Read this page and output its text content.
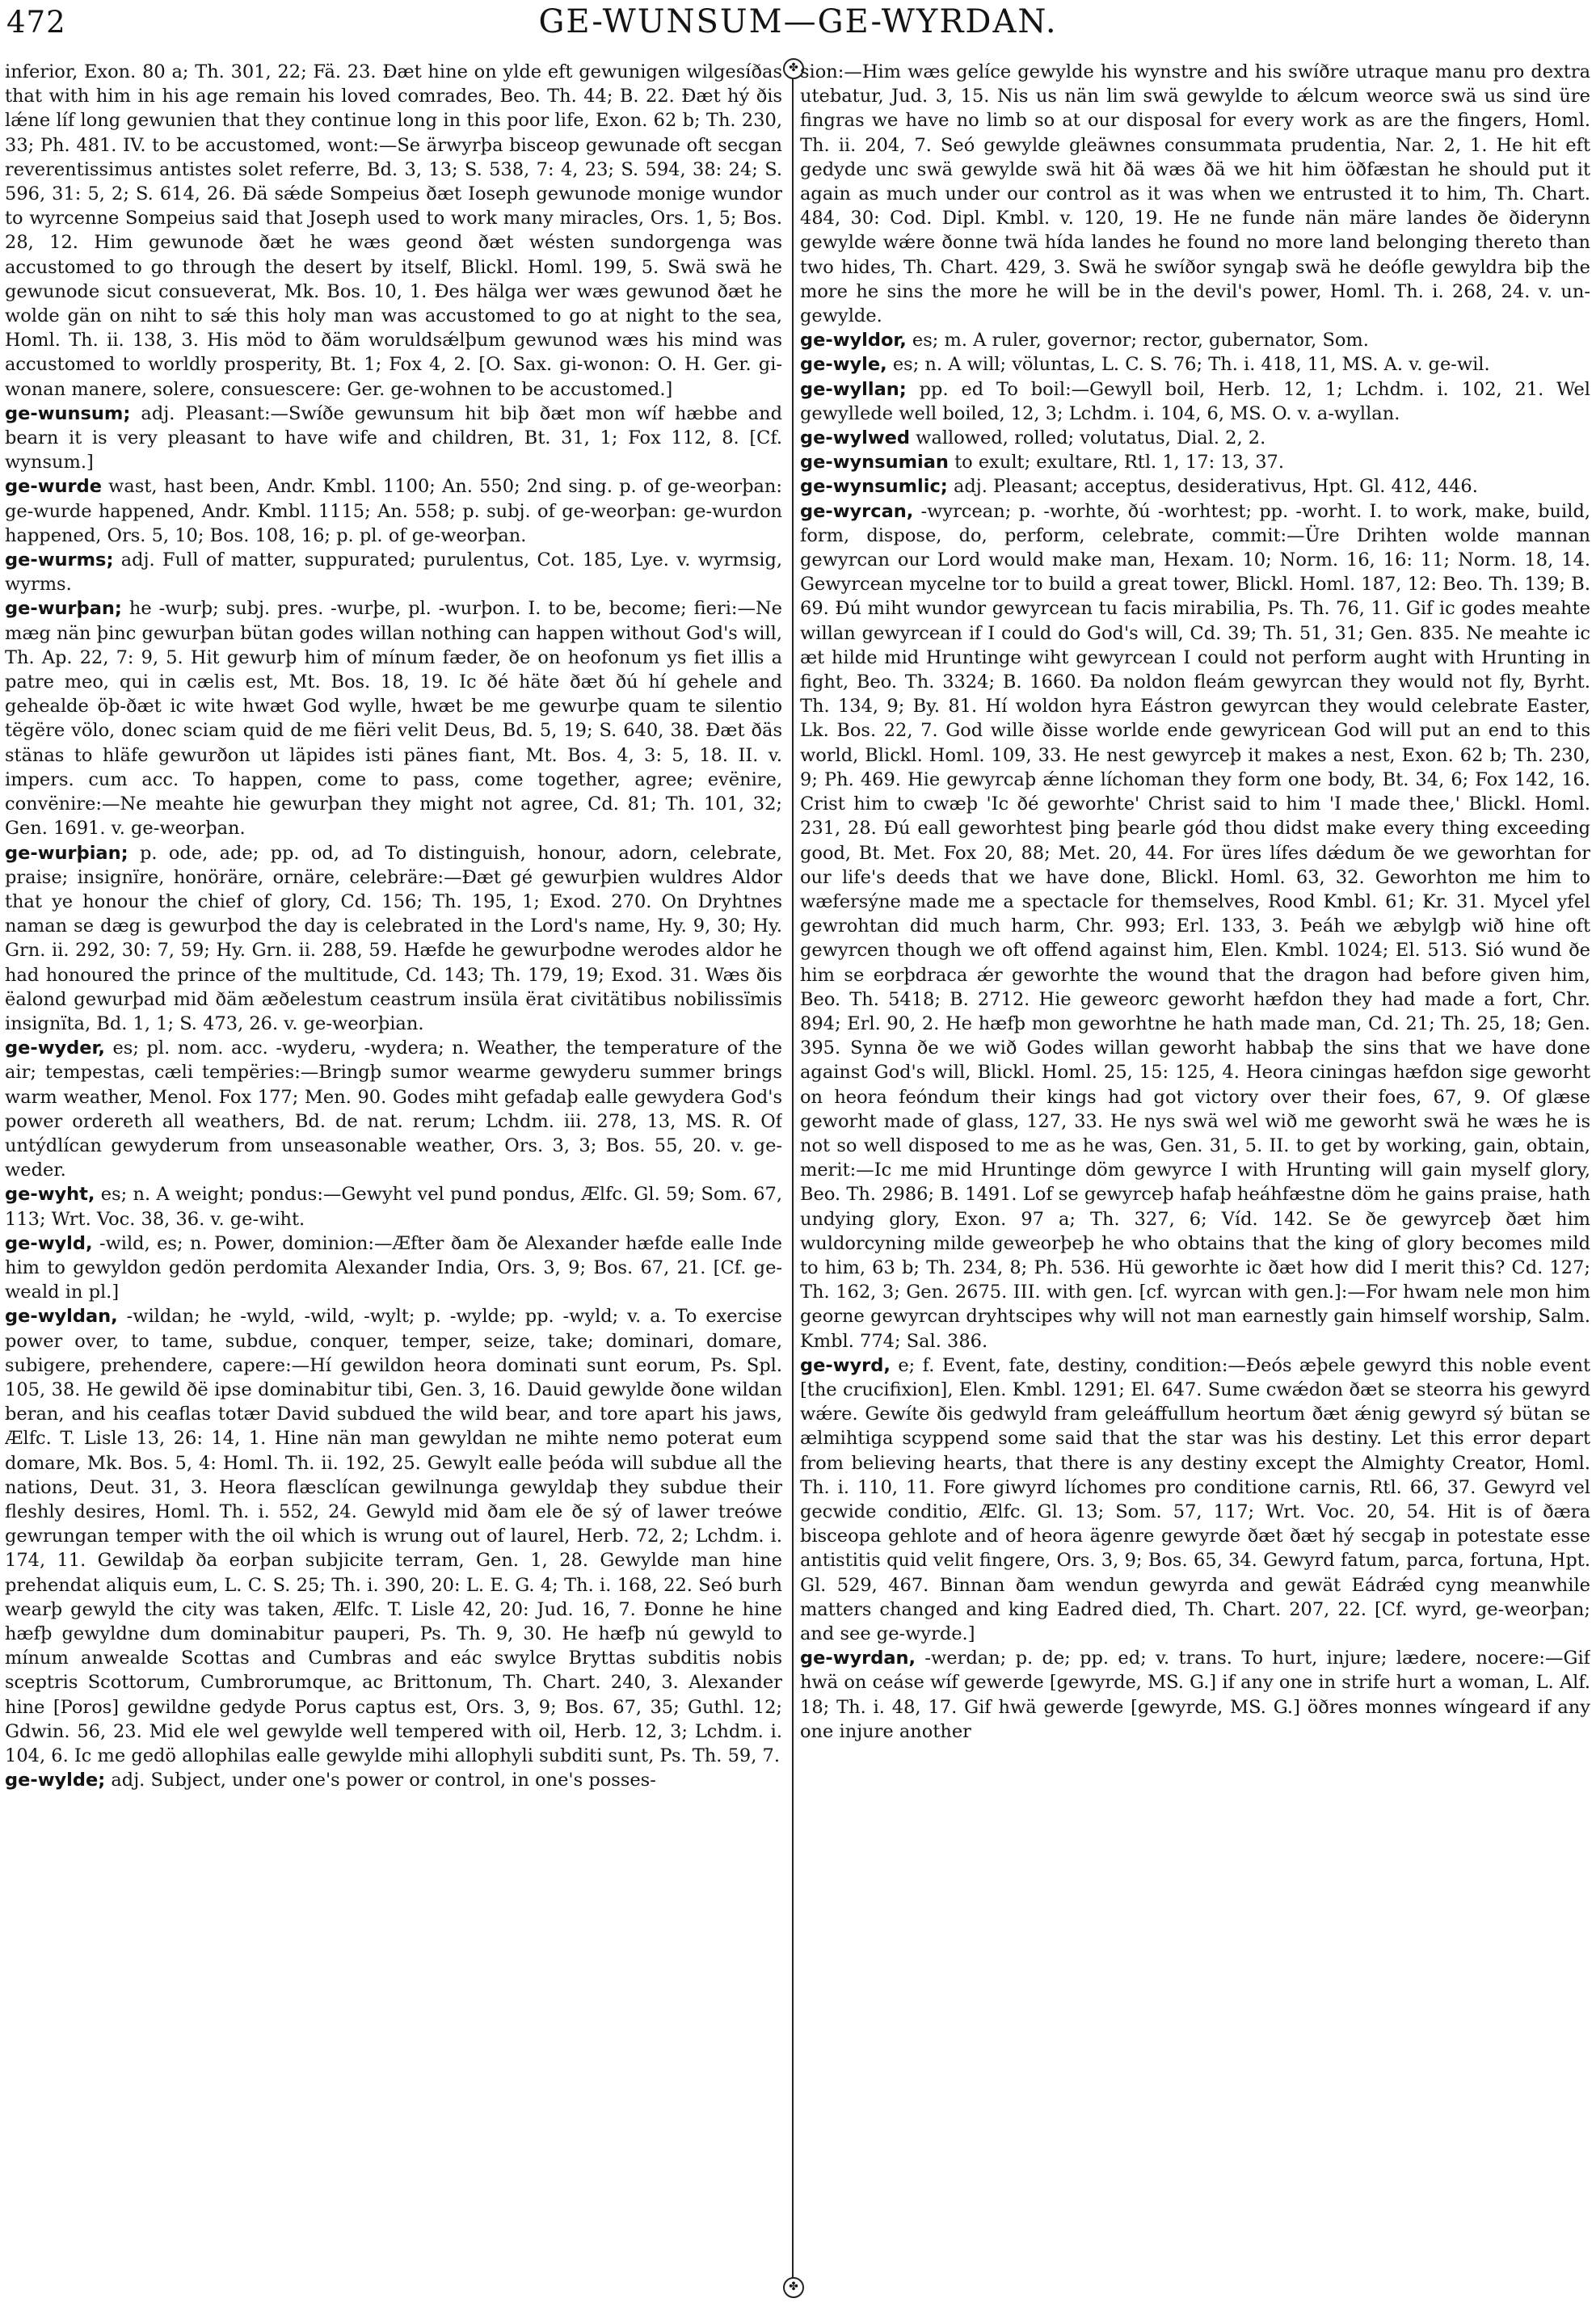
472	GE-WUNSUM—GE-WYRDAN.
✤
✤

inferior, Exon. 80 a; Th. 301, 22; Fä. 23. Ðæt hine on ylde eft gewunigen wilgesíðas that with him in his age remain his loved comrades, Beo. Th. 44; B. 22. Ðæt hý ðis lǽne líf long gewunien that they continue long in this poor life, Exon. 62 b; Th. 230, 33; Ph. 481. IV. to be accustomed, wont:—Se ärwyrþa bisceop gewunade oft secgan reverentissimus antistes solet referre, Bd. 3, 13; S. 538, 7: 4, 23; S. 594, 38: 24; S. 596, 31: 5, 2; S. 614, 26. Ðä sǽde Sompeius ðæt Ioseph gewunode monige wundor to wyrcenne Sompeius said that Joseph used to work many miracles, Ors. 1, 5; Bos. 28, 12. Him gewunode ðæt he wæs geond ðæt wésten sundorgenga was accustomed to go through the desert by itself, Blickl. Homl. 199, 5. Swä swä he gewunode sicut consueverat, Mk. Bos. 10, 1. Ðes hälga wer wæs gewunod ðæt he wolde gän on niht to sǽ this holy man was accustomed to go at night to the sea, Homl. Th. ii. 138, 3. His möd to ðäm woruldsǽlþum gewunod wæs his mind was accustomed to worldly prosperity, Bt. 1; Fox 4, 2. [O. Sax. gi-wonon: O. H. Ger. gi-wonan manere, solere, consuescere: Ger. ge-wohnen to be accustomed.]

ge-wunsum; adj. Pleasant:—Swíðe gewunsum hit biþ ðæt mon wíf hæbbe and bearn it is very pleasant to have wife and children, Bt. 31, 1; Fox 112, 8. [Cf. wynsum.]

ge-wurde wast, hast been, Andr. Kmbl. 1100; An. 550; 2nd sing. p. of ge-weorþan: ge-wurde happened, Andr. Kmbl. 1115; An. 558; p. subj. of ge-weorþan: ge-wurdon happened, Ors. 5, 10; Bos. 108, 16; p. pl. of ge-weorþan.

ge-wurms; adj. Full of matter, suppurated; purulentus, Cot. 185, Lye. v. wyrmsig, wyrms.

ge-wurþan; he -wurþ; subj. pres. -wurþe, pl. -wurþon. I. to be, become; fieri:—Ne mæg nän þinc gewurþan bütan godes willan nothing can happen without God's will, Th. Ap. 22, 7: 9, 5. Hit gewurþ him of mínum fæder, ðe on heofonum ys fiet illis a patre meo, qui in cælis est, Mt. Bos. 18, 19. Ic ðé häte ðæt ðú hí gehele and gehealde öþ-ðæt ic wite hwæt God wylle, hwæt be me gewurþe quam te silentio tëgëre völo, donec sciam quid de me fiëri velit Deus, Bd. 5, 19; S. 640, 38. Ðæt ðäs stänas to hläfe gewurðon ut läpides isti pänes fiant, Mt. Bos. 4, 3: 5, 18. II. v. impers. cum acc. To happen, come to pass, come together, agree; evënire, convënire:—Ne meahte hie gewurþan they might not agree, Cd. 81; Th. 101, 32; Gen. 1691. v. ge-weorþan.

ge-wurþian; p. ode, ade; pp. od, ad To distinguish, honour, adorn, celebrate, praise; insignïre, honöräre, ornäre, celebräre:—Ðæt gé gewurþien wuldres Aldor that ye honour the chief of glory, Cd. 156; Th. 195, 1; Exod. 270. On Dryhtnes naman se dæg is gewurþod the day is celebrated in the Lord's name, Hy. 9, 30; Hy. Grn. ii. 292, 30: 7, 59; Hy. Grn. ii. 288, 59. Hæfde he gewurþodne werodes aldor he had honoured the prince of the multitude, Cd. 143; Th. 179, 19; Exod. 31. Wæs ðis ëalond gewurþad mid ðäm æðelestum ceastrum insüla ërat civitätibus nobilissïmis insignïta, Bd. 1, 1; S. 473, 26. v. ge-weorþian.

ge-wyder, es; pl. nom. acc. -wyderu, -wydera; n. Weather, the temperature of the air; tempestas, cæli tempëries:—Bringþ sumor wearme gewyderu summer brings warm weather, Menol. Fox 177; Men. 90. Godes miht gefadaþ ealle gewydera God's power ordereth all weathers, Bd. de nat. rerum; Lchdm. iii. 278, 13, MS. R. Of untýdlícan gewyderum from unseasonable weather, Ors. 3, 3; Bos. 55, 20. v. ge-weder.

ge-wyht, es; n. A weight; pondus:—Gewyht vel pund pondus, Ælfc. Gl. 59; Som. 67, 113; Wrt. Voc. 38, 36. v. ge-wiht.

ge-wyld, -wild, es; n. Power, dominion:—Æfter ðam ðe Alexander hæfde ealle Inde him to gewyldon gedön perdomita Alexander India, Ors. 3, 9; Bos. 67, 21. [Cf. ge-weald in pl.]

ge-wyldan, -wildan; he -wyld, -wild, -wylt; p. -wylde; pp. -wyld; v. a. To exercise power over, to tame, subdue, conquer, temper, seize, take; dominari, domare, subigere, prehendere, capere:—Hí gewildon heora dominati sunt eorum, Ps. Spl. 105, 38. He gewild ðë ipse dominabitur tibi, Gen. 3, 16. Dauid gewylde ðone wildan beran, and his ceaflas totær David subdued the wild bear, and tore apart his jaws, Ælfc. T. Lisle 13, 26: 14, 1. Hine nän man gewyldan ne mihte nemo poterat eum domare, Mk. Bos. 5, 4: Homl. Th. ii. 192, 25. Gewylt ealle þeóda will subdue all the nations, Deut. 31, 3. Heora flæsclícan gewilnunga gewyldaþ they subdue their fleshly desires, Homl. Th. i. 552, 24. Gewyld mid ðam ele ðe sý of lawer treówe gewrungan temper with the oil which is wrung out of laurel, Herb. 72, 2; Lchdm. i. 174, 11. Gewildaþ ða eorþan subjicite terram, Gen. 1, 28. Gewylde man hine prehendat aliquis eum, L. C. S. 25; Th. i. 390, 20: L. E. G. 4; Th. i. 168, 22. Seó burh wearþ gewyld the city was taken, Ælfc. T. Lisle 42, 20: Jud. 16, 7. Ðonne he hine hæfþ gewyldne dum dominabitur pauperi, Ps. Th. 9, 30. He hæfþ nú gewyld to mínum anwealde Scottas and Cumbras and eác swylce Bryttas subditis nobis sceptris Scottorum, Cumbrorumque, ac Brittonum, Th. Chart. 240, 3. Alexander hine [Poros] gewildne gedyde Porus captus est, Ors. 3, 9; Bos. 67, 35; Guthl. 12; Gdwin. 56, 23. Mid ele wel gewylde well tempered with oil, Herb. 12, 3; Lchdm. i. 104, 6. Ic me gedö allophilas ealle gewylde mihi allophyli subditi sunt, Ps. Th. 59, 7.

ge-wylde; adj. Subject, under one's power or control, in one's posses-

sion:—Him wæs gelíce gewylde his wynstre and his swíðre utraque manu pro dextra utebatur, Jud. 3, 15. Nis us nän lim swä gewylde to ǽlcum weorce swä us sind üre fingras we have no limb so at our disposal for every work as are the fingers, Homl. Th. ii. 204, 7. Seó gewylde gleäwnes consummata prudentia, Nar. 2, 1. He hit eft gedyde unc swä gewylde swä hit ðä wæs ðä we hit him öðfæstan he should put it again as much under our control as it was when we entrusted it to him, Th. Chart. 484, 30: Cod. Dipl. Kmbl. v. 120, 19. He ne funde nän märe landes ðe ðiderynn gewylde wǽre ðonne twä hída landes he found no more land belonging thereto than two hides, Th. Chart. 429, 3. Swä he swíðor syngaþ swä he deófle gewyldra biþ the more he sins the more he will be in the devil's power, Homl. Th. i. 268, 24. v. un-gewylde.

ge-wyldor, es; m. A ruler, governor; rector, gubernator, Som.

ge-wyle, es; n. A will; völuntas, L. C. S. 76; Th. i. 418, 11, MS. A. v. ge-wil.

ge-wyllan; pp. ed To boil:—Gewyll boil, Herb. 12, 1; Lchdm. i. 102, 21. Wel gewyllede well boiled, 12, 3; Lchdm. i. 104, 6, MS. O. v. a-wyllan.

ge-wylwed wallowed, rolled; volutatus, Dial. 2, 2.

ge-wynsumian to exult; exultare, Rtl. 1, 17: 13, 37.

ge-wynsumlic; adj. Pleasant; acceptus, desiderativus, Hpt. Gl. 412, 446.

ge-wyrcan, -wyrcean; p. -worhte, ðú -worhtest; pp. -worht. I. to work, make, build, form, dispose, do, perform, celebrate, commit:—Üre Drihten wolde mannan gewyrcan our Lord would make man, Hexam. 10; Norm. 16, 16: 11; Norm. 18, 14. Gewyrcean mycelne tor to build a great tower, Blickl. Homl. 187, 12: Beo. Th. 139; B. 69. Ðú miht wundor gewyrcean tu facis mirabilia, Ps. Th. 76, 11. Gif ic godes meahte willan gewyrcean if I could do God's will, Cd. 39; Th. 51, 31; Gen. 835. Ne meahte ic æt hilde mid Hruntinge wiht gewyrcean I could not perform aught with Hrunting in fight, Beo. Th. 3324; B. 1660. Ða noldon fleám gewyrcan they would not fly, Byrht. Th. 134, 9; By. 81. Hí woldon hyra Eástron gewyrcan they would celebrate Easter, Lk. Bos. 22, 7. God wille ðisse worlde ende gewyricean God will put an end to this world, Blickl. Homl. 109, 33. He nest gewyrceþ it makes a nest, Exon. 62 b; Th. 230, 9; Ph. 469. Hie gewyrcaþ ǽnne líchoman they form one body, Bt. 34, 6; Fox 142, 16. Crist him to cwæþ 'Ic ðé geworhte' Christ said to him 'I made thee,' Blickl. Homl. 231, 28. Ðú eall geworhtest þing þearle gód thou didst make every thing exceeding good, Bt. Met. Fox 20, 88; Met. 20, 44. For üres lífes dǽdum ðe we geworhtan for our life's deeds that we have done, Blickl. Homl. 63, 32. Geworhton me him to wæfersýne made me a spectacle for themselves, Rood Kmbl. 61; Kr. 31. Mycel yfel gewrohtan did much harm, Chr. 993; Erl. 133, 3. Þeáh we æbylgþ wið hine oft gewyrcen though we oft offend against him, Elen. Kmbl. 1024; El. 513. Sió wund ðe him se eorþdraca ǽr geworhte the wound that the dragon had before given him, Beo. Th. 5418; B. 2712. Hie geweorc geworht hæfdon they had made a fort, Chr. 894; Erl. 90, 2. He hæfþ mon geworhtne he hath made man, Cd. 21; Th. 25, 18; Gen. 395. Synna ðe we wið Godes willan geworht habbaþ the sins that we have done against God's will, Blickl. Homl. 25, 15: 125, 4. Heora ciningas hæfdon sige geworht on heora feóndum their kings had got victory over their foes, 67, 9. Of glæse geworht made of glass, 127, 33. He nys swä wel wið me geworht swä he wæs he is not so well disposed to me as he was, Gen. 31, 5. II. to get by working, gain, obtain, merit:—Ic me mid Hruntinge döm gewyrce I with Hrunting will gain myself glory, Beo. Th. 2986; B. 1491. Lof se gewyrceþ hafaþ heáhfæstne döm he gains praise, hath undying glory, Exon. 97 a; Th. 327, 6; Víd. 142. Se ðe gewyrceþ ðæt him wuldorcyning milde geweorþeþ he who obtains that the king of glory becomes mild to him, 63 b; Th. 234, 8; Ph. 536. Hü geworhte ic ðæt how did I merit this? Cd. 127; Th. 162, 3; Gen. 2675. III. with gen. [cf. wyrcan with gen.]:—For hwam nele mon him georne gewyrcan dryhtscipes why will not man earnestly gain himself worship, Salm. Kmbl. 774; Sal. 386.

ge-wyrd, e; f. Event, fate, destiny, condition:—Ðeós æþele gewyrd this noble event [the crucifixion], Elen. Kmbl. 1291; El. 647. Sume cwǽdon ðæt se steorra his gewyrd wǽre. Gewíte ðis gedwyld fram geleáffullum heortum ðæt ǽnig gewyrd sý bütan se ælmihtiga scyppend some said that the star was his destiny. Let this error depart from believing hearts, that there is any destiny except the Almighty Creator, Homl. Th. i. 110, 11. Fore giwyrd líchomes pro conditione carnis, Rtl. 66, 37. Gewyrd vel gecwide conditio, Ælfc. Gl. 13; Som. 57, 117; Wrt. Voc. 20, 54. Hit is of ðæra bisceopa gehlote and of heora ägenre gewyrde ðæt ðæt hý secgaþ in potestate esse antistitis quid velit fingere, Ors. 3, 9; Bos. 65, 34. Gewyrd fatum, parca, fortuna, Hpt. Gl. 529, 467. Binnan ðam wendun gewyrda and gewät Eádrǽd cyng meanwhile matters changed and king Eadred died, Th. Chart. 207, 22. [Cf. wyrd, ge-weorþan; and see ge-wyrde.]

ge-wyrdan, -werdan; p. de; pp. ed; v. trans. To hurt, injure; lædere, nocere:—Gif hwä on ceáse wíf gewerde [gewyrde, MS. G.] if any one in strife hurt a woman, L. Alf. 18; Th. i. 48, 17. Gif hwä gewerde [gewyrde, MS. G.] öðres monnes wíngeard if any one injure another
